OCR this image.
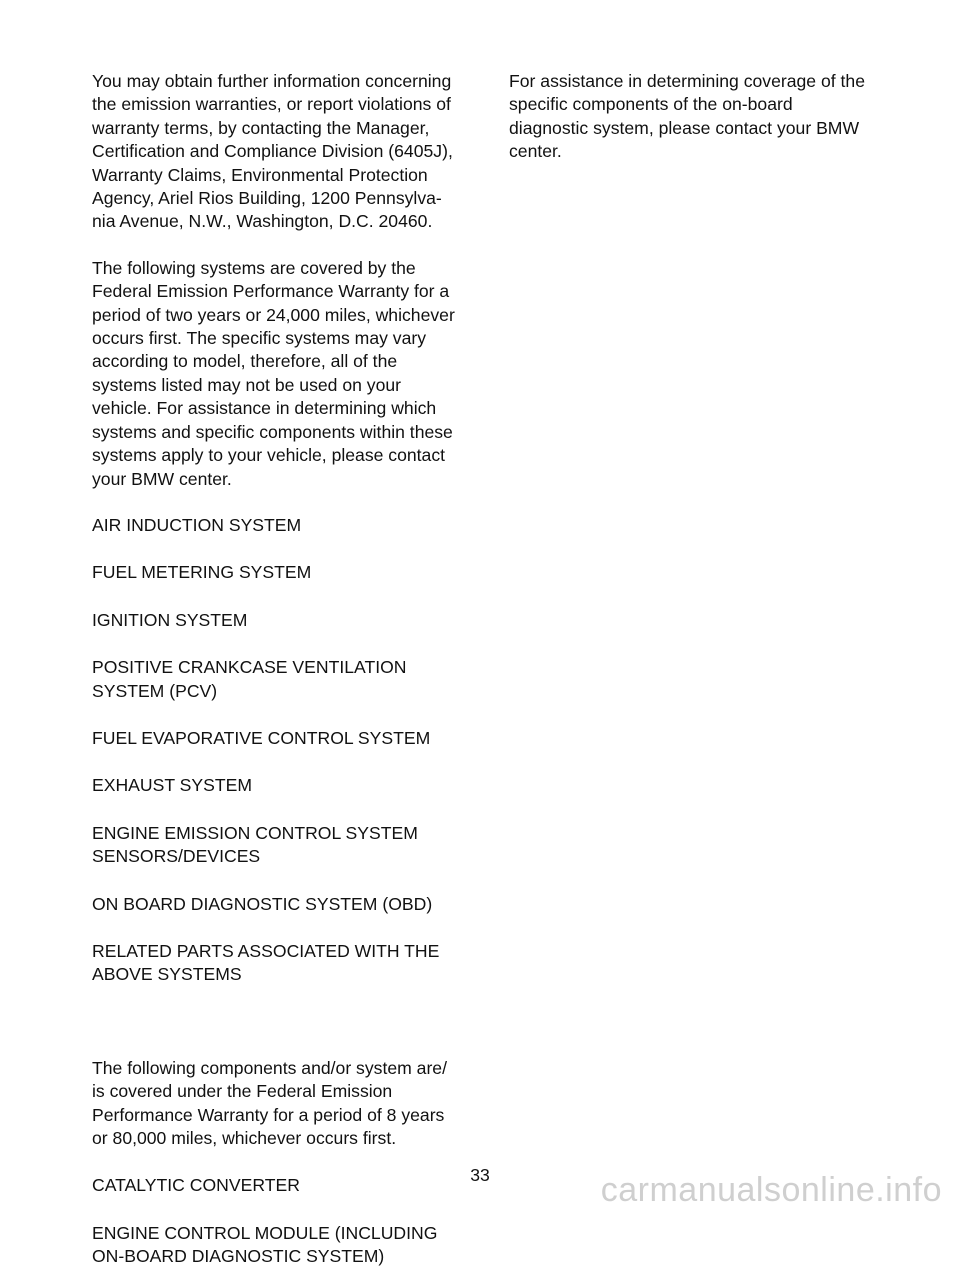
You may obtain further information concerning
the emission warranties, or report violations of
warranty terms, by contacting the Manager,
Certification and Compliance Division (6405J),
Warranty Claims, Environmental Protection
Agency, Ariel Rios Building, 1200 Pennsylva-
nia Avenue, N.W., Washington, D.C. 20460.

The following systems are covered by the
Federal Emission Performance Warranty for a
period of two years or 24,000 miles, whichever
occurs first. The specific systems may vary
according to model, therefore, all of the
systems listed may not be used on your
vehicle. For assistance in determining which
systems and specific components within these
systems apply to your vehicle, please contact
your BMW center.

AIR INDUCTION SYSTEM

FUEL METERING SYSTEM

IGNITION SYSTEM

POSITIVE CRANKCASE VENTILATION
SYSTEM (PCV)

FUEL EVAPORATIVE CONTROL SYSTEM

EXHAUST SYSTEM

ENGINE EMISSION CONTROL SYSTEM
SENSORS/DEVICES

ON BOARD DIAGNOSTIC SYSTEM (OBD)

RELATED PARTS ASSOCIATED WITH THE
ABOVE SYSTEMS

The following components and/or system are/
is covered under the Federal Emission
Performance Warranty for a period of 8 years
or 80,000 miles, whichever occurs first.

CATALYTIC CONVERTER

ENGINE CONTROL MODULE (INCLUDING
ON-BOARD DIAGNOSTIC SYSTEM)

For assistance in determining coverage of the
specific components of the on-board
diagnostic system, please contact your BMW
center.

33	carmanualsonline.info
